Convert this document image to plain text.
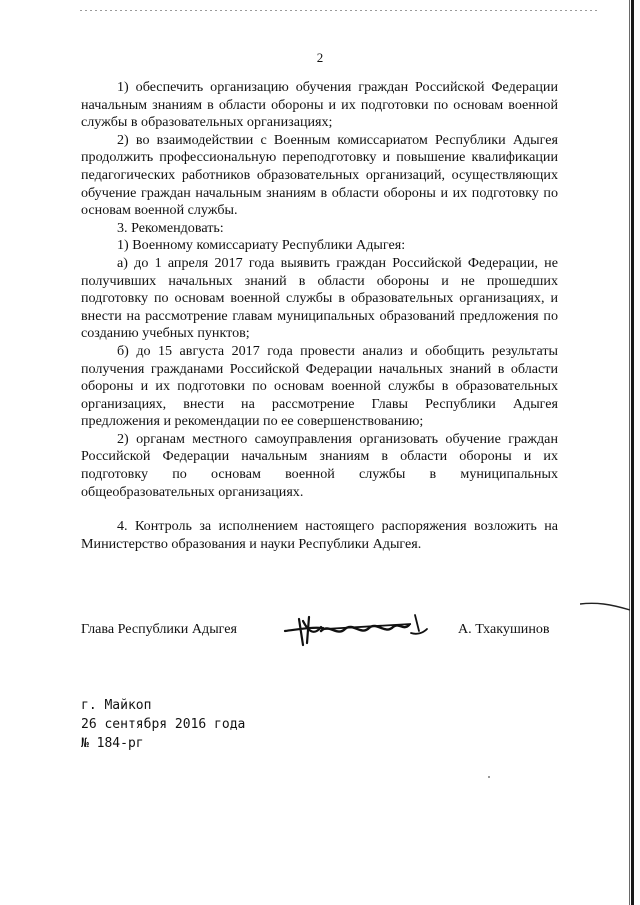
2

1) обеспечить организацию обучения граждан Российской Федерации начальным знаниям в области обороны и их подготовки по основам военной службы в образовательных организациях;

2) во взаимодействии с Военным комиссариатом Республики Адыгея продолжить профессиональную переподготовку и повышение квалификации педагогических работников образовательных организаций, осуществляющих обучение граждан начальным знаниям в области обороны и их подготовку по основам военной службы.

3. Рекомендовать:

1) Военному комиссариату Республики Адыгея:

а) до 1 апреля 2017 года выявить граждан Российской Федерации, не получивших начальных знаний в области обороны и не прошедших подготовку по основам военной службы в образовательных организациях, и внести на рассмотрение главам муниципальных образований предложения по созданию учебных пунктов;

б) до 15 августа 2017 года провести анализ и обобщить результаты получения гражданами Российской Федерации начальных знаний в области обороны и их подготовки по основам военной службы в образовательных организациях, внести на рассмотрение Главы Республики Адыгея предложения и рекомендации по ее совершенствованию;

2) органам местного самоуправления организовать обучение граждан Российской Федерации начальным знаниям в области обороны и их подготовку по основам военной службы в муниципальных общеобразовательных организациях.

4. Контроль за исполнением настоящего распоряжения возложить на Министерство образования и науки Республики Адыгея.

Глава Республики Адыгея	А. Тхакушинов
г. Майкоп
26 сентября 2016 года
№ 184-рг
